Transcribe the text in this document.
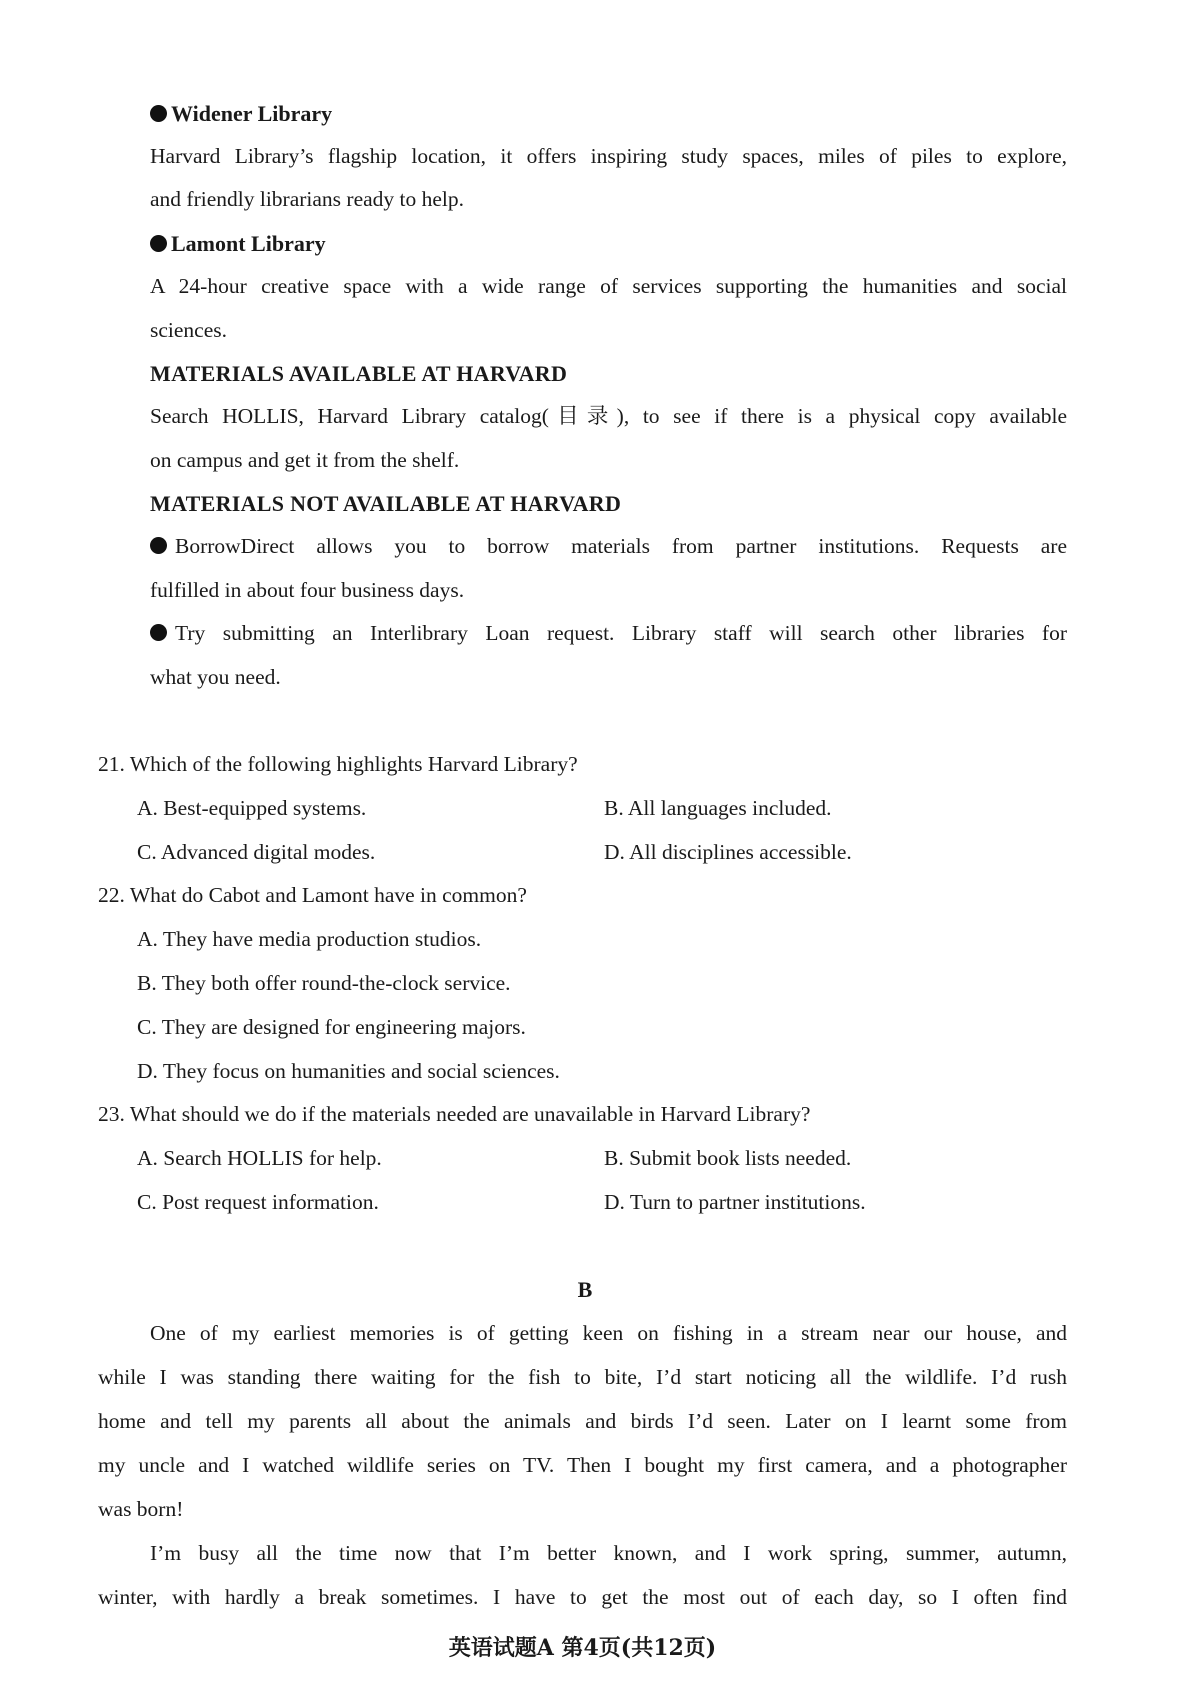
Widener Library
Harvard Library’s flagship location, it offers inspiring study spaces, miles of piles to explore,
and friendly librarians ready to help.
Lamont Library
A 24-hour creative space with a wide range of services supporting the humanities and social
sciences.
MATERIALS AVAILABLE AT HARVARD
Search HOLLIS, Harvard Library catalog(目录), to see if there is a physical copy available
on campus and get it from the shelf.
MATERIALS NOT AVAILABLE AT HARVARD
BorrowDirect allows you to borrow materials from partner institutions. Requests are
fulfilled in about four business days.
Try submitting an Interlibrary Loan request. Library staff will search other libraries for
what you need.
21. Which of the following highlights Harvard Library?
A. Best-equipped systems.	B. All languages included.
C. Advanced digital modes.	D. All disciplines accessible.
22. What do Cabot and Lamont have in common?
A. They have media production studios.
B. They both offer round-the-clock service.
C. They are designed for engineering majors.
D. They focus on humanities and social sciences.
23. What should we do if the materials needed are unavailable in Harvard Library?
A. Search HOLLIS for help.	B. Submit book lists needed.
C. Post request information.	D. Turn to partner institutions.
B
One of my earliest memories is of getting keen on fishing in a stream near our house, and
while I was standing there waiting for the fish to bite, I’d start noticing all the wildlife. I’d rush
home and tell my parents all about the animals and birds I’d seen. Later on I learnt some from
my uncle and I watched wildlife series on TV. Then I bought my first camera, and a photographer
was born!
I’m busy all the time now that I’m better known, and I work spring, summer, autumn,
winter, with hardly a break sometimes. I have to get the most out of each day, so I often find
英语试题A 第4页(共12页)
